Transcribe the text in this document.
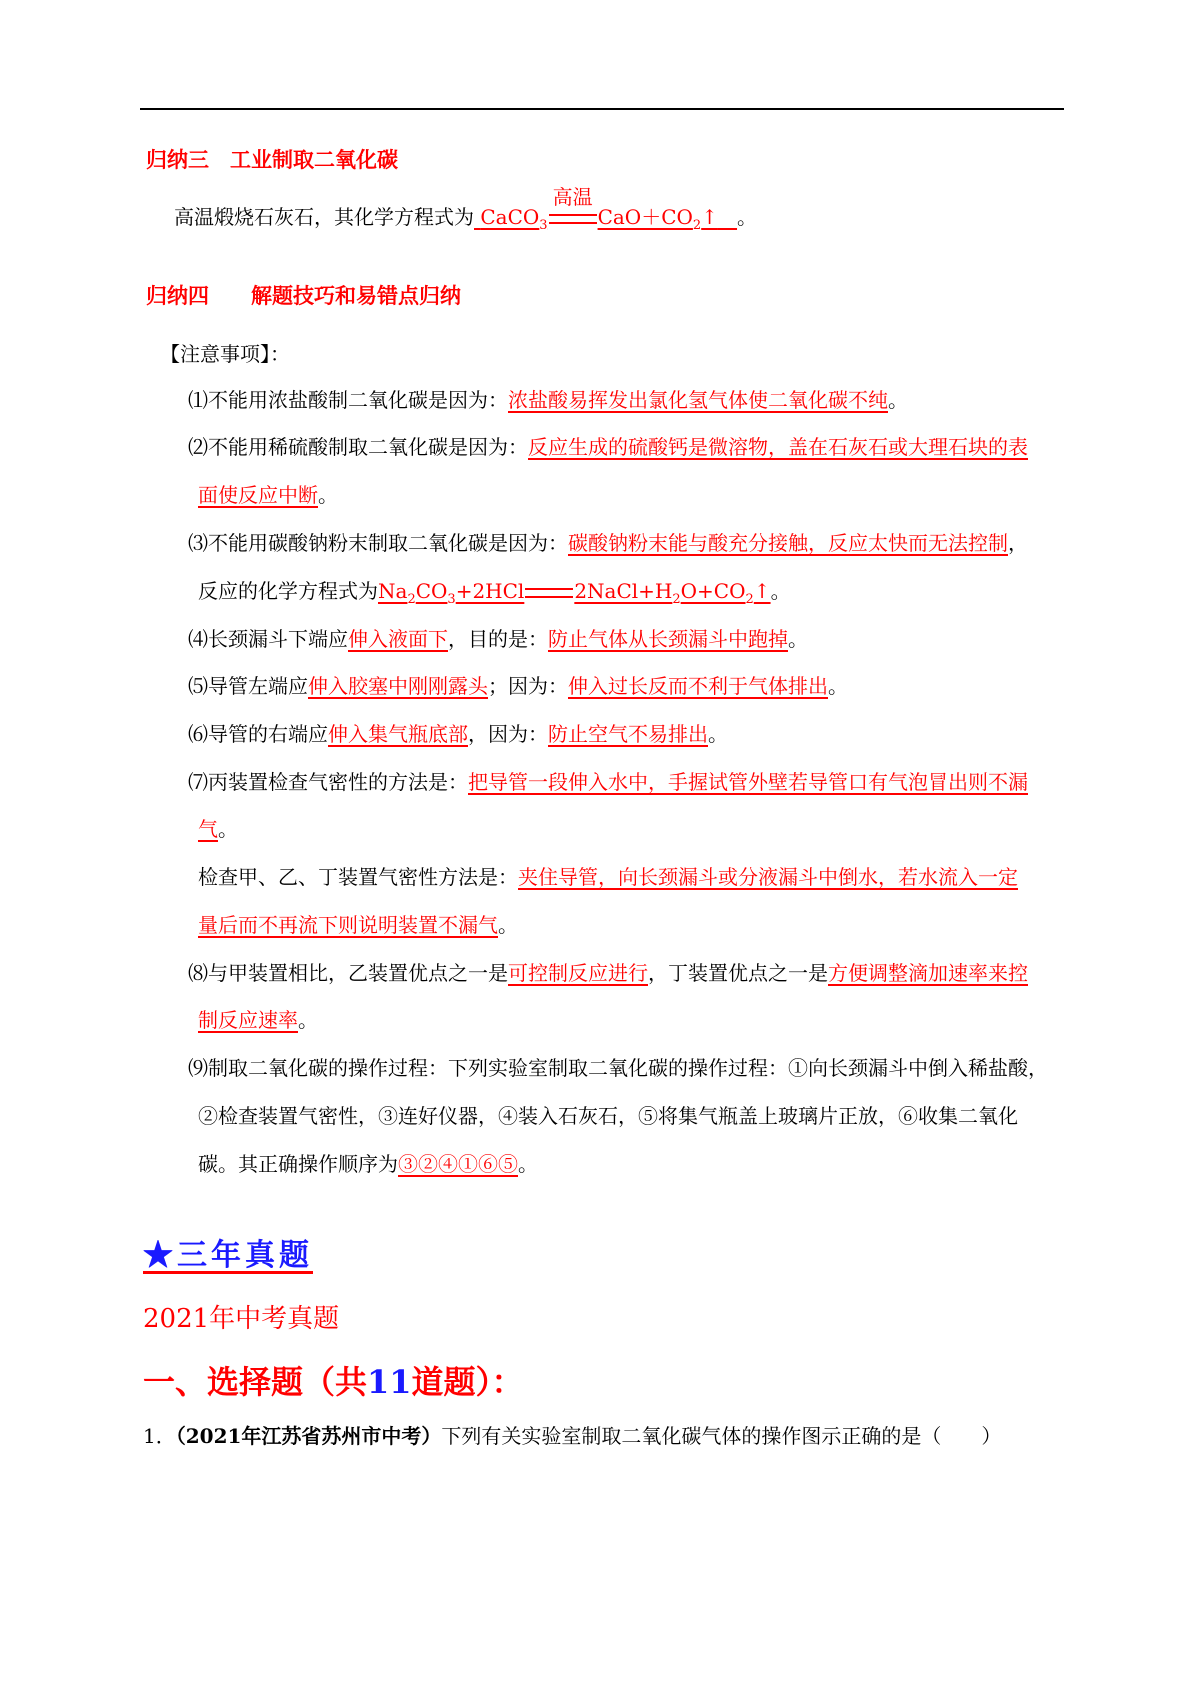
归纳三　工业制取二氧化碳
高温煅烧石灰石，其化学方程式为 CaCO$_3$
高温
$CaO+CO_2↑$ 。
归纳四　　解题技巧和易错点归纳
【注意事项】：
⑴不能用浓盐酸制二氧化碳是因为：浓盐酸易挥发出氯化氢气体使二氧化碳不纯。
⑵不能用稀硫酸制取二氧化碳是因为：反应生成的硫酸钙是微溶物，盖在石灰石或大理石块的表
面使反应中断。
⑶不能用碳酸钠粉末制取二氧化碳是因为：碳酸钠粉末能与酸充分接触，反应太快而无法控制，
反应的化学方程式为$Na_2CO_3+2HCl$	$2NaCl+H_2O+CO_2↑$。
⑷长颈漏斗下端应伸入液面下，目的是：防止气体从长颈漏斗中跑掉。
⑸导管左端应伸入胶塞中刚刚露头；因为：伸入过长反而不利于气体排出。
⑹导管的右端应伸入集气瓶底部，因为：防止空气不易排出。
⑺丙装置检查气密性的方法是：把导管一段伸入水中，手握试管外壁若导管口有气泡冒出则不漏
气。
检查甲、乙、丁装置气密性方法是：夹住导管，向长颈漏斗或分液漏斗中倒水，若水流入一定
量后而不再流下则说明装置不漏气。
⑻与甲装置相比，乙装置优点之一是可控制反应进行，丁装置优点之一是方便调整滴加速率来控
制反应速率。
⑼制取二氧化碳的操作过程：下列实验室制取二氧化碳的操作过程：①向长颈漏斗中倒入稀盐酸，
②检查装置气密性，③连好仪器，④装入石灰石，⑤将集气瓶盖上玻璃片正放，⑥收集二氧化
碳。其正确操作顺序为③②④①⑥⑤。
★三年真题
2021年中考真题
一、选择题（共11道题）：
1．（2021年江苏省苏州市中考）下列有关实验室制取二氧化碳气体的操作图示正确的是（　　）
